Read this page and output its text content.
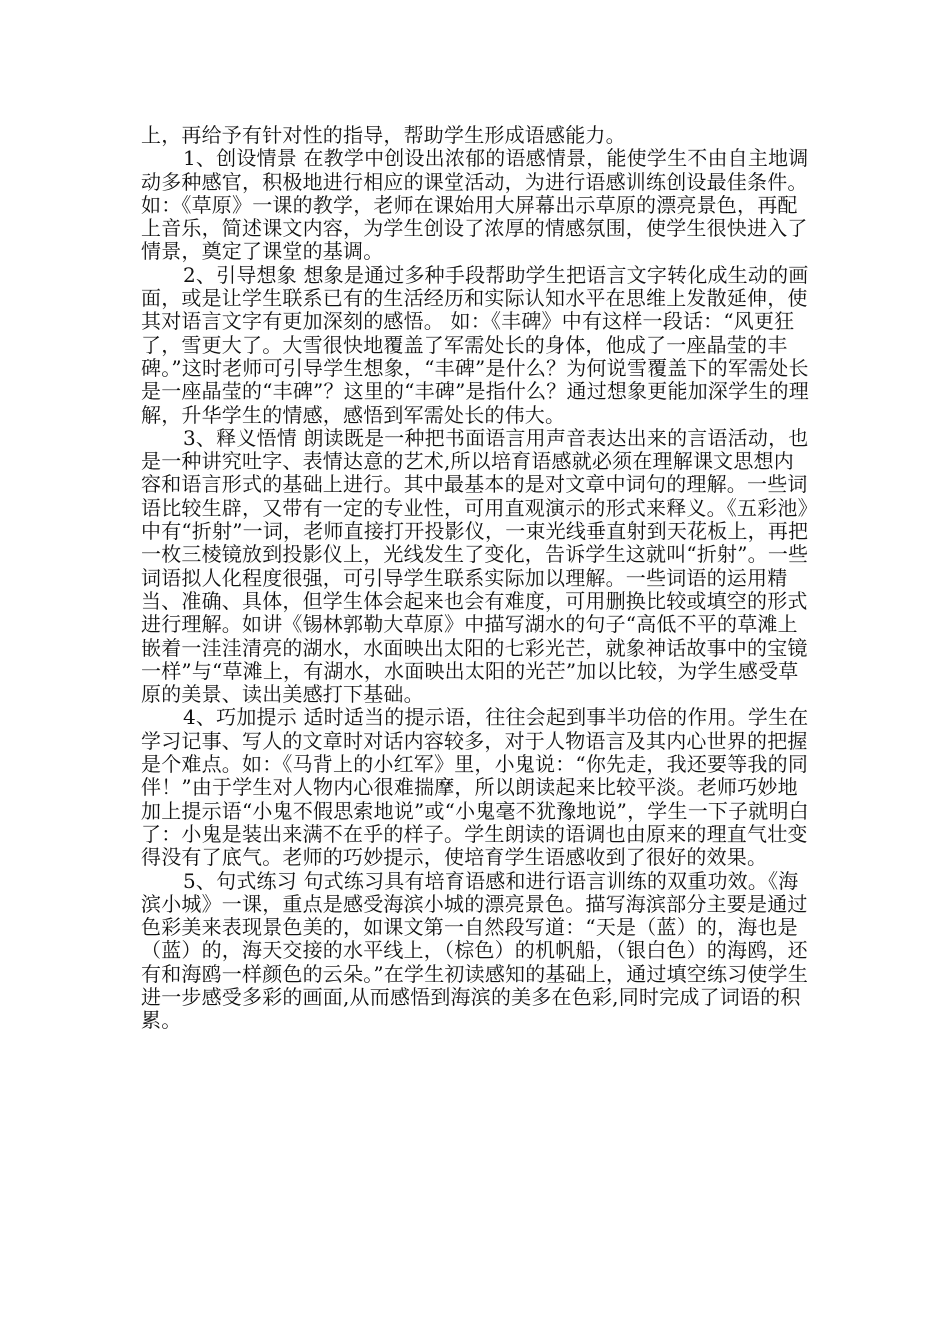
上，再给予有针对性的指导，帮助学生形成语感能力。

1、创设情景 在教学中创设出浓郁的语感情景，能使学生不由自主地调动多种感官，积极地进行相应的课堂活动，为进行语感训练创设最佳条件。 如：《草原》一课的教学，老师在课始用大屏幕出示草原的漂亮景色，再配上音乐，简述课文内容，为学生创设了浓厚的情感氛围，使学生很快进入了情景，奠定了课堂的基调。

2、引导想象 想象是通过多种手段帮助学生把语言文字转化成生动的画面，或是让学生联系已有的生活经历和实际认知水平在思维上发散延伸，使其对语言文字有更加深刻的感悟。 如：《丰碑》中有这样一段话：“风更狂了，雪更大了。大雪很快地覆盖了军需处长的身体，他成了一座晶莹的丰碑。”这时老师可引导学生想象，“丰碑”是什么？为何说雪覆盖下的军需处长是一座晶莹的“丰碑”？这里的“丰碑”是指什么？通过想象更能加深学生的理解，升华学生的情感，感悟到军需处长的伟大。

3、释义悟情 朗读既是一种把书面语言用声音表达出来的言语活动，也是一种讲究吐字、表情达意的艺术,所以培育语感就必须在理解课文思想内容和语言形式的基础上进行。其中最基本的是对文章中词句的理解。一些词语比较生辟，又带有一定的专业性，可用直观演示的形式来释义。《五彩池》中有“折射”一词，老师直接打开投影仪，一束光线垂直射到天花板上，再把一枚三棱镜放到投影仪上，光线发生了变化，告诉学生这就叫“折射”。一些词语拟人化程度很强，可引导学生联系实际加以理解。一些词语的运用精当、准确、具体，但学生体会起来也会有难度，可用删换比较或填空的形式进行理解。如讲《锡林郭勒大草原》中描写湖水的句子“高低不平的草滩上嵌着一洼洼清亮的湖水，水面映出太阳的七彩光芒，就象神话故事中的宝镜一样”与“草滩上，有湖水，水面映出太阳的光芒”加以比较，为学生感受草原的美景、读出美感打下基础。

4、巧加提示 适时适当的提示语，往往会起到事半功倍的作用。学生在学习记事、写人的文章时对话内容较多，对于人物语言及其内心世界的把握是个难点。如：《马背上的小红军》里，小鬼说：“你先走，我还要等我的同伴！”由于学生对人物内心很难揣摩，所以朗读起来比较平淡。老师巧妙地加上提示语“小鬼不假思索地说”或“小鬼毫不犹豫地说”，学生一下子就明白了：小鬼是装出来满不在乎的样子。学生朗读的语调也由原来的理直气壮变得没有了底气。老师的巧妙提示，使培育学生语感收到了很好的效果。

5、句式练习 句式练习具有培育语感和进行语言训练的双重功效。《海滨小城》一课，重点是感受海滨小城的漂亮景色。描写海滨部分主要是通过色彩美来表现景色美的，如课文第一自然段写道：“天是（蓝）的，海也是（蓝）的，海天交接的水平线上，（棕色）的机帆船，（银白色）的海鸥，还有和海鸥一样颜色的云朵。”在学生初读感知的基础上，通过填空练习使学生进一步感受多彩的画面,从而感悟到海滨的美多在色彩,同时完成了词语的积累。
